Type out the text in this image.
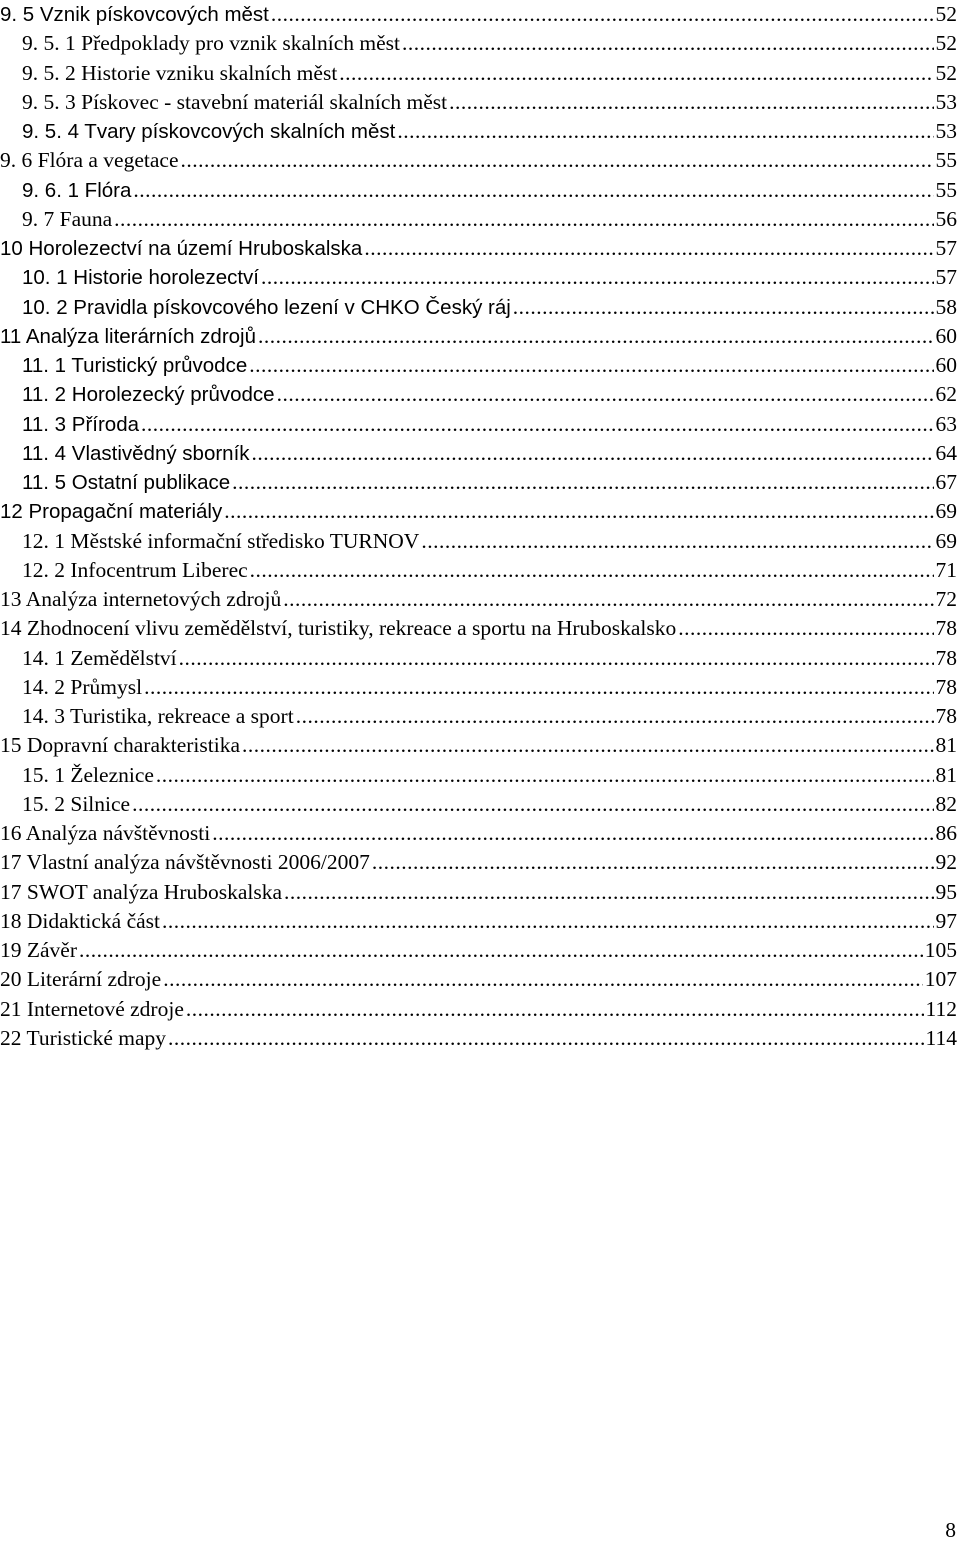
9. 5 Vznik pískovcových měst .....	52
9. 5. 1 Předpoklady pro vznik skalních měst .....	52
9. 5. 2 Historie vzniku skalních měst .....	52
9. 5. 3 Pískovec - stavební materiál skalních měst .....	53
9. 5. 4 Tvary pískovcových skalních měst .....	53
9. 6 Flóra a vegetace .....	55
9. 6. 1 Flóra .....	55
9. 7 Fauna .....	56
10 Horolezectví na území Hruboskalska .....	57
10. 1 Historie horolezectví .....	57
10. 2 Pravidla pískovcového lezení v CHKO Český ráj .....	58
11 Analýza literárních zdrojů .....	60
11. 1 Turistický průvodce .....	60
11. 2 Horolezecký průvodce .....	62
11. 3 Příroda .....	63
11. 4 Vlastivědný sborník .....	64
11. 5 Ostatní publikace .....	67
12 Propagační materiály .....	69
12. 1 Městské informační středisko TURNOV .....	69
12. 2 Infocentrum Liberec .....	71
13 Analýza internetových zdrojů .....	72
14 Zhodnocení vlivu zemědělství, turistiky, rekreace a sportu na Hruboskalsko .....	78
14. 1 Zemědělství .....	78
14. 2 Průmysl .....	78
14. 3 Turistika, rekreace a sport .....	78
15 Dopravní charakteristika .....	81
15. 1 Železnice .....	81
15. 2 Silnice .....	82
16 Analýza návštěvnosti .....	86
17 Vlastní analýza návštěvnosti 2006/2007 .....	92
17 SWOT analýza Hruboskalska .....	95
18 Didaktická část .....	97
19 Závěr .....	105
20 Literární zdroje .....	107
21 Internetové zdroje .....	112
22 Turistické mapy .....	114
8
